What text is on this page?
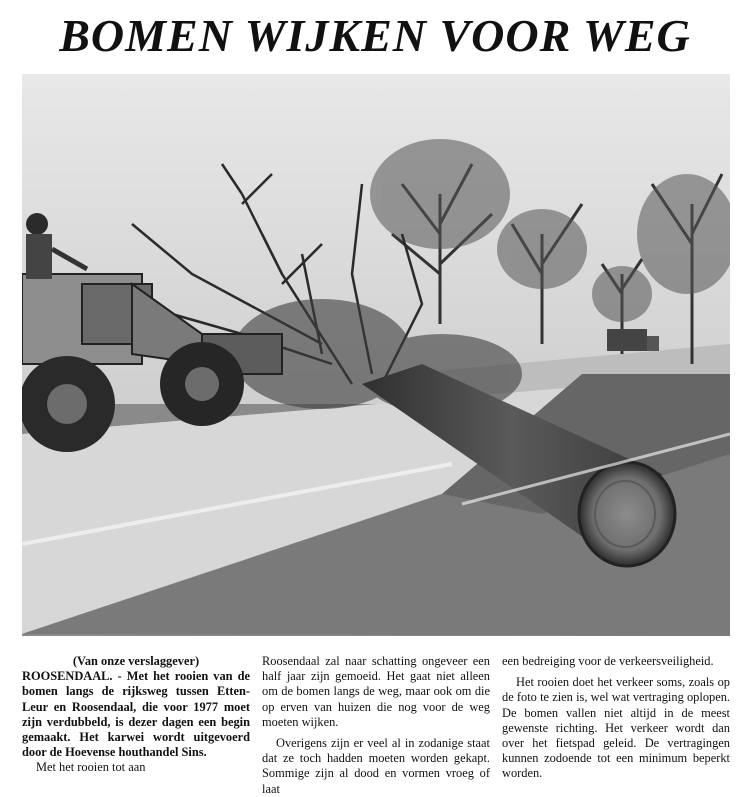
BOMEN WIJKEN VOOR WEG

(Van onze verslaggever)

ROOSENDAAL. - Met het rooien van de bomen langs de rijksweg tussen Etten-Leur en Roosendaal, die voor 1977 moet zijn verdubbeld, is dezer dagen een begin gemaakt. Het karwei wordt uitgevoerd door de Hoevense houthandel Sins.

Met het rooien tot aan

Roosendaal zal naar schatting ongeveer een half jaar zijn gemoeid. Het gaat niet alleen om de bomen langs de weg, maar ook om die op erven van huizen die nog voor de weg moeten wijken.

Overigens zijn er veel al in zodanige staat dat ze toch hadden moeten worden gekapt. Sommige zijn al dood en vormen vroeg of laat

een bedreiging voor de verkeersveiligheid.

Het rooien doet het verkeer soms, zoals op de foto te zien is, wel wat vertraging oplopen. De bomen vallen niet altijd in de meest gewenste richting. Het verkeer wordt dan over het fietspad geleid. De vertragingen kunnen zodoende tot een minimum beperkt worden.
